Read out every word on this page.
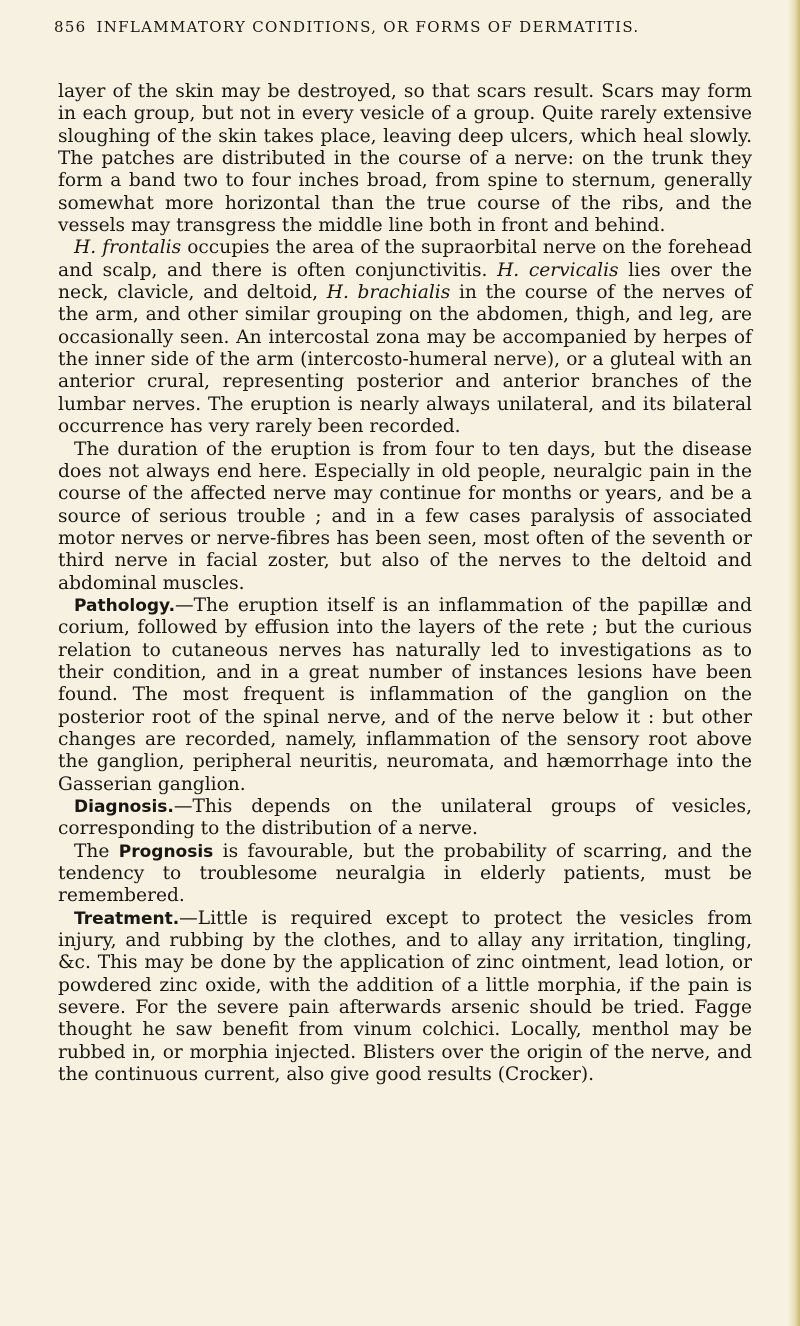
856 INFLAMMATORY CONDITIONS, OR FORMS OF DERMATITIS.

layer of the skin may be destroyed, so that scars result. Scars may form in each group, but not in every vesicle of a group. Quite rarely extensive sloughing of the skin takes place, leaving deep ulcers, which heal slowly. The patches are distributed in the course of a nerve: on the trunk they form a band two to four inches broad, from spine to sternum, generally somewhat more horizontal than the true course of the ribs, and the vessels may transgress the middle line both in front and behind.

H. frontalis occupies the area of the supraorbital nerve on the forehead and scalp, and there is often conjunctivitis. H. cervicalis lies over the neck, clavicle, and deltoid, H. brachialis in the course of the nerves of the arm, and other similar grouping on the abdomen, thigh, and leg, are occasionally seen. An intercostal zona may be accompanied by herpes of the inner side of the arm (intercosto-humeral nerve), or a gluteal with an anterior crural, representing posterior and anterior branches of the lumbar nerves. The eruption is nearly always unilateral, and its bilateral occurrence has very rarely been recorded.

The duration of the eruption is from four to ten days, but the disease does not always end here. Especially in old people, neuralgic pain in the course of the affected nerve may continue for months or years, and be a source of serious trouble ; and in a few cases paralysis of associated motor nerves or nerve-fibres has been seen, most often of the seventh or third nerve in facial zoster, but also of the nerves to the deltoid and abdominal muscles.

Pathology.—The eruption itself is an inflammation of the papillæ and corium, followed by effusion into the layers of the rete ; but the curious relation to cutaneous nerves has naturally led to investigations as to their condition, and in a great number of instances lesions have been found. The most frequent is inflammation of the ganglion on the posterior root of the spinal nerve, and of the nerve below it : but other changes are recorded, namely, inflammation of the sensory root above the ganglion, peripheral neuritis, neuromata, and hæmorrhage into the Gasserian ganglion.

Diagnosis.—This depends on the unilateral groups of vesicles, corresponding to the distribution of a nerve.

The Prognosis is favourable, but the probability of scarring, and the tendency to troublesome neuralgia in elderly patients, must be remembered.

Treatment.—Little is required except to protect the vesicles from injury, and rubbing by the clothes, and to allay any irritation, tingling, &c. This may be done by the application of zinc ointment, lead lotion, or powdered zinc oxide, with the addition of a little morphia, if the pain is severe. For the severe pain afterwards arsenic should be tried. Fagge thought he saw benefit from vinum colchici. Locally, menthol may be rubbed in, or morphia injected. Blisters over the origin of the nerve, and the continuous current, also give good results (Crocker).
